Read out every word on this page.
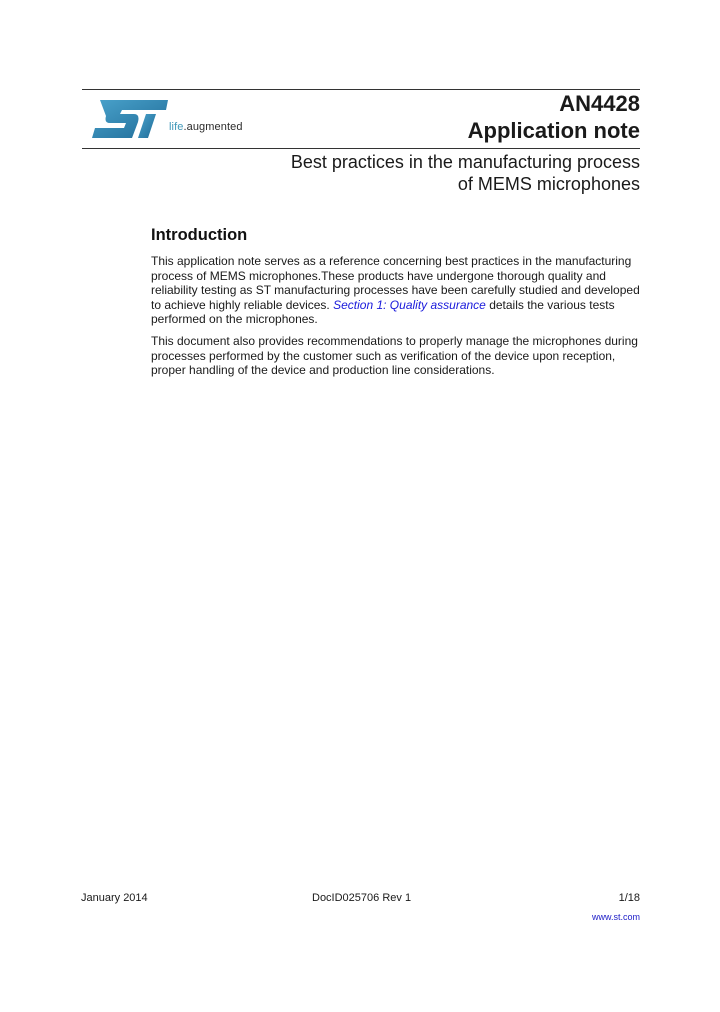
life.augmented
AN4428
Application note
Best practices in the manufacturing process
of MEMS microphones
Introduction
This application note serves as a reference concerning best practices in the manufacturing process of MEMS microphones.These products have undergone thorough quality and reliability testing as ST manufacturing processes have been carefully studied and developed to achieve highly reliable devices. Section 1: Quality assurance details the various tests performed on the microphones.
This document also provides recommendations to properly manage the microphones during processes performed by the customer such as verification of the device upon reception, proper handling of the device and production line considerations.
January 2014	DocID025706 Rev 1	1/18
www.st.com
